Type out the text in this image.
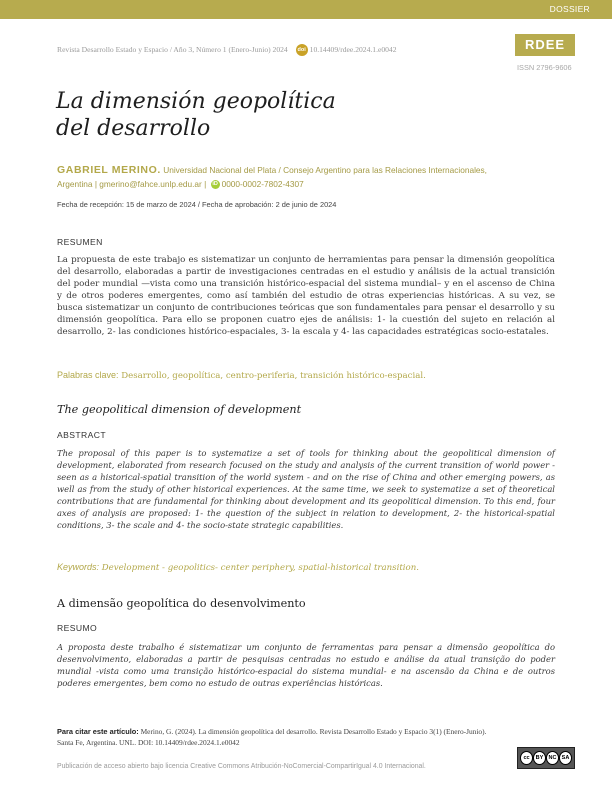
DOSSIER
Revista Desarrollo Estado y Espacio / Año 3, Número 1 (Enero-Junio) 2024 doi 10.14409/rdee.2024.1.e0042	RDEE
ISSN 2796-9606
La dimensión geopolítica
del desarrollo
GABRIEL MERINO. Universidad Nacional del Plata / Consejo Argentino para las Relaciones Internacionales, Argentina | gmerino@fahce.unlp.edu.ar | iD 0000-0002-7802-4307
Fecha de recepción: 15 de marzo de 2024 / Fecha de aprobación: 2 de junio de 2024
RESUMEN

La propuesta de este trabajo es sistematizar un conjunto de herramientas para pensar la dimensión geopolítica del desarrollo, elaboradas a partir de investigaciones centradas en el estudio y análisis de la actual transición del poder mundial —vista como una transición histórico-espacial del sistema mundial– y en el ascenso de China y de otros poderes emergentes, como así también del estudio de otras experiencias históricas. A su vez, se busca sistematizar un conjunto de contribuciones teóricas que son fundamentales para pensar el desarrollo y su dimensión geopolítica. Para ello se proponen cuatro ejes de análisis: 1- la cuestión del sujeto en relación al desarrollo, 2- las condiciones histórico-espaciales, 3- la escala y 4- las capacidades estratégicas socio-estatales.

Palabras clave: Desarrollo, geopolítica, centro-periferia, transición histórico-espacial.
The geopolitical dimension of development
ABSTRACT

The proposal of this paper is to systematize a set of tools for thinking about the geopolitical dimension of development, elaborated from research focused on the study and analysis of the current transition of world power - seen as a historical-spatial transition of the world system - and on the rise of China and other emerging powers, as well as from the study of other historical experiences. At the same time, we seek to systematize a set of theoretical contributions that are fundamental for thinking about development and its geopolitical dimension. To this end, four axes of analysis are proposed: 1- the question of the subject in relation to development, 2- the historical-spatial conditions, 3- the scale and 4- the socio-state strategic capabilities.

Keywords: Development - geopolitics- center periphery, spatial-historical transition.
A dimensão geopolítica do desenvolvimento
RESUMO

A proposta deste trabalho é sistematizar um conjunto de ferramentas para pensar a dimensão geopolítica do desenvolvimento, elaboradas a partir de pesquisas centradas no estudo e análise da atual transição do poder mundial -vista como uma transição histórico-espacial do sistema mundial- e na ascensão da China e de outros poderes emergentes, bem como no estudo de outras experiências históricas.

Para citar este artículo: Merino, G. (2024). La dimensión geopolítica del desarrollo. Revista Desarrollo Estado y Espacio 3(1) (Enero-Junio). Santa Fe, Argentina. UNL. DOI: 10.14409/rdee.2024.1.e0042
Publicación de acceso abierto bajo licencia Creative Commons Atribución-NoComercial-CompartirIgual 4.0 Internacional.
cc	BY NC SA
